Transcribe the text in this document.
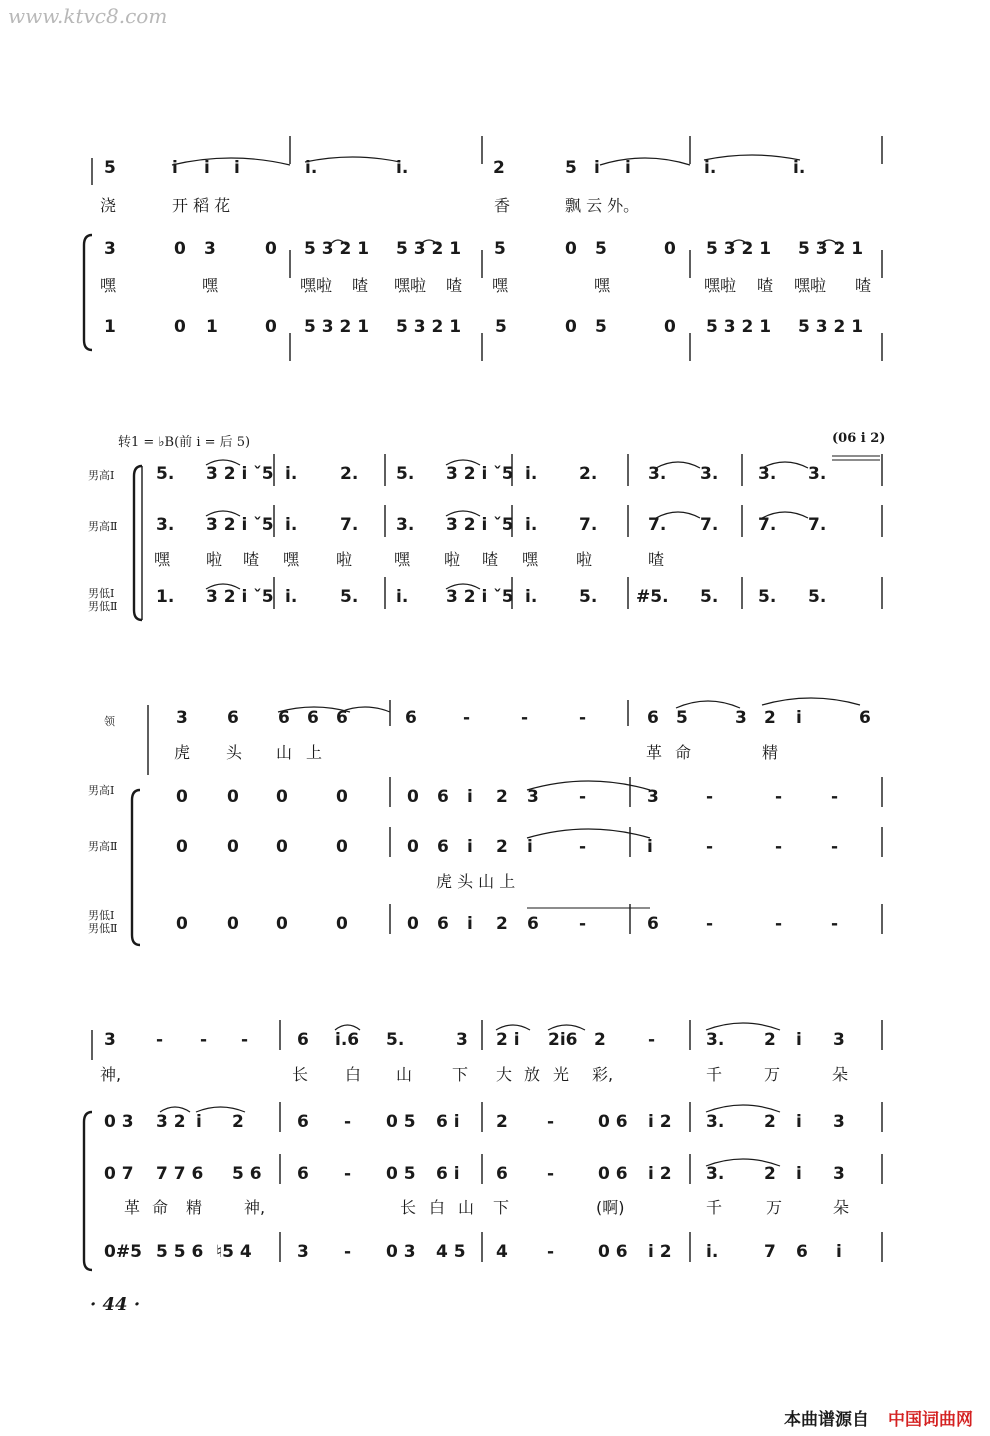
www.ktvc8.com
5	i i i	i.	i.	2	5 i i	i.	i.
浇	开 稻 花	香	飘 云 外。
3	0 3	0 5 3 2 1 5 3 2 1 5	0 5	0 5 3 2 1 5 3 2 1
嘿	嘿	嘿啦 喳 嘿啦 喳 嘿	嘿	嘿啦 喳 嘿啦 喳
1	0 1	0 5 3 2 1 5 3 2 1 5	0 5	0 5 3 2 1 5 3 2 1
5. 3 2 i ˇ5 i.	2. 5. 3 2 i ˇ5 i. 2.	3. 3. 3. 3.
3. 3 2 i ˇ5 i.	7. 3. 3 2 i ˇ5 i. 7.	7. 7. 7. 7.
嘿 啦 喳 嘿 啦	嘿 啦 喳 嘿 啦	喳
1. 3 2 i ˇ5 i.	5. i. 3 2 i ˇ5 i. 5. #5. 5. 5. 5.
3 6 6 6 6	6	-	-	-	6 5	3 2 i	6
虎 头 山 上	革 命	精
0 0 0	0	0 6 i 2 3 -	3	-	-	-
0 0 0	0	0 6 i 2 i	-	i	-	-	-
虎 头 山 上
0 0 0	0	0 6 i 2 6 -	6	-	-	-
3 - - -	6 i.6 5.	3 2 i 2i6 2 -	3. 2 i 3
神,	长 白 山 下 大 放 光 彩,	千	万	朵
0 3 3 2 i 2	6 - 0 5 6 i 2 -	0 6 i 2 3. 2 i 3
0 7 7 7 6 5 6 6 - 0 5 6 i 6 -	0 6 i 2 3. 2 i 3
革 命 精	神,	长 白 山 下	(啊)	千	万	朵
0#5 5 5 6 ♮5 4	3 - 0 3 4 5 4 -	0 6 i 2 i.	7 6 i
男高Ⅰ
男高Ⅱ
男低Ⅰ
男低Ⅱ
领
男高Ⅰ
男高Ⅱ
男低Ⅰ
男低Ⅱ
转1 = ♭B(前 i = 后 5)	(06 i 2)
· 44 ·
本曲谱源自 中国词曲网
